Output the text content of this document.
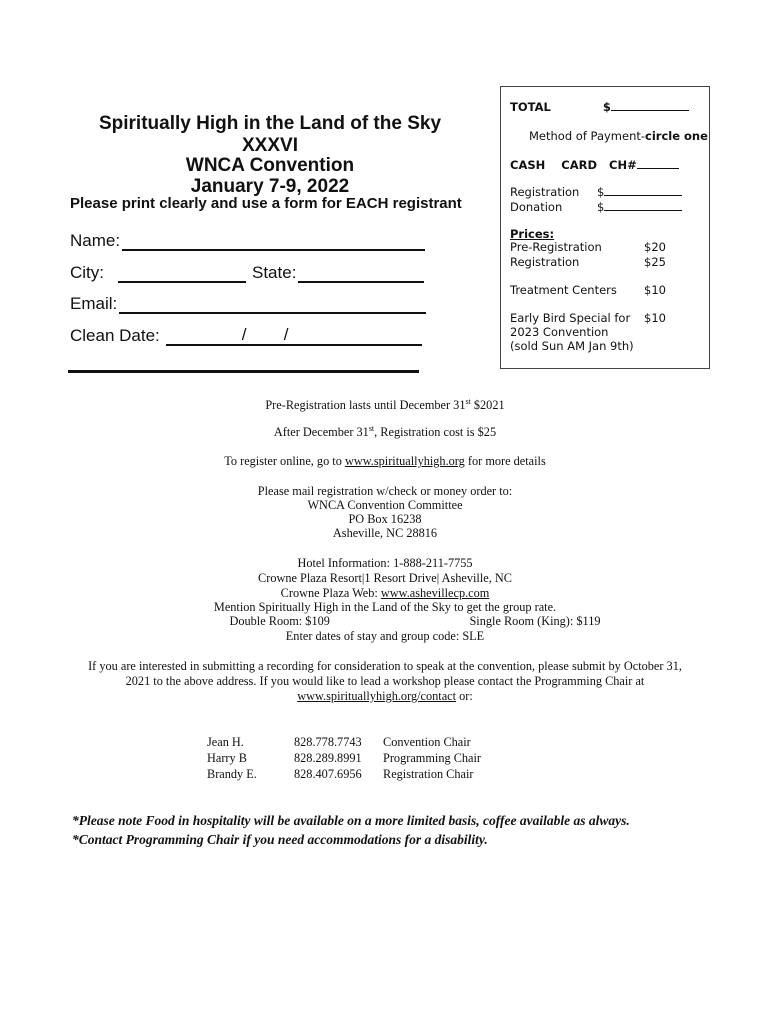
Spiritually High in the Land of the Sky
XXXVI
WNCA Convention
January 7-9, 2022
Please print clearly and use a form for EACH registrant
Name:
City:	State:
Email:
Clean Date:	/ /
TOTAL	$
Method of Payment-circle one
CASH CARD CH#
Registration $
Donation	$
Prices:
Pre-Registration	$20
Registration	$25
Treatment Centers $10
Early Bird Special for $10
2023 Convention
(sold Sun AM Jan 9th)
Pre-Registration lasts until December 31st $2021
After December 31st, Registration cost is $25
To register online, go to www.spirituallyhigh.org for more details
Please mail registration w/check or money order to:
WNCA Convention Committee
PO Box 16238
Asheville, NC 28816
Hotel Information: 1-888-211-7755
Crowne Plaza Resort|1 Resort Drive| Asheville, NC
Crowne Plaza Web: www.ashevillecp.com
Mention Spiritually High in the Land of the Sky to get the group rate.
Double Room: $109	Single Room (King): $119
Enter dates of stay and group code: SLE
If you are interested in submitting a recording for consideration to speak at the convention, please submit by October 31,
2021 to the above address. If you would like to lead a workshop please contact the Programming Chair at
www.spirituallyhigh.org/contact or:
Jean H.	828.778.7743	Convention Chair
Harry B	828.289.8991	Programming Chair
Brandy E.	828.407.6956	Registration Chair
*Please note Food in hospitality will be available on a more limited basis, coffee available as always.
*Contact Programming Chair if you need accommodations for a disability.
